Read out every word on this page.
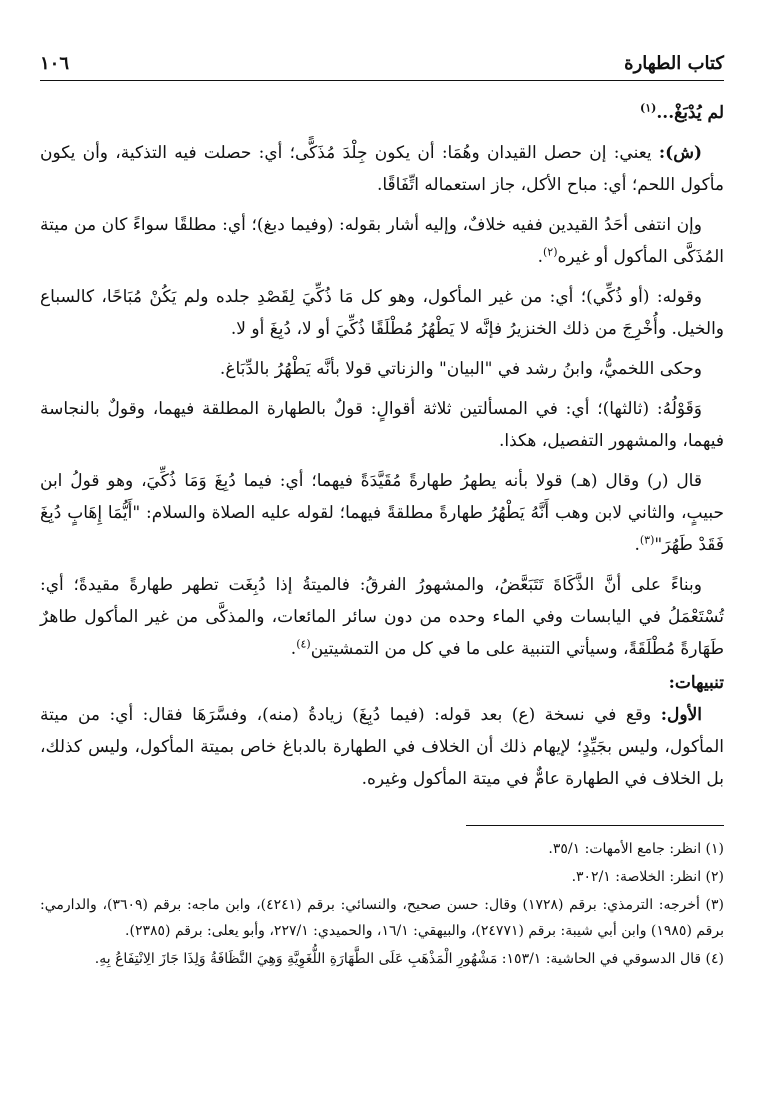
كتاب الطهارة
١٠٦

لم يُدْبَغْ...$^{(١)}$

(ش): يعني: إن حصل القيدان وهُمَا: أن يكون جِلْدَ مُذَكًّى؛ أي: حصلت فيه التذكية، وأن يكون مأكول اللحم؛ أي: مباح الأكل، جاز استعماله اتِّفَاقًا.

وإن انتفى أحَدُ القيدين ففيه خلافٌ، وإليه أشار بقوله: (وفيما دبغ)؛ أي: مطلقًا سواءً كان من ميتة المُذَكَّى المأكول أو غيره$^{(٢)}$.

وقوله: (أو ذُكِّي)؛ أي: من غير المأكول، وهو كل مَا ذُكِّيَ لِقَصْدِ جلده ولم يَكُنْ مُبَاحًا، كالسباع والخيل. وأُخْرِجَ من ذلك الخنزيرُ فإنَّه لا يَطْهُرُ مُطْلَقًا ذُكِّيَ أو لا، دُبِغَ أو لا.

وحكى اللخميُّ، وابنُ رشد في "البيان" والزناتي قولا بأنَّه يَطْهُرُ بالدِّبَاغ.

وَقَوْلُهُ: (ثالثها)؛ أي: في المسألتين ثلاثة أقوالٍ: قولٌ بالطهارة المطلقة فيهما، وقولٌ بالنجاسة فيهما، والمشهور التفصيل، هكذا.

قال (ر) وقال (هـ) قولا بأنه يطهرُ طهارةً مُقَيَّدَةً فيهما؛ أي: فيما دُبِغَ وَمَا ذُكِّيَ، وهو قولُ ابن حبيبٍ، والثاني لابن وهب أَنَّهُ يَطْهُرُ طهارةً مطلقةً فيهما؛ لقوله عليه الصلاة والسلام: "أَيُّمَا إِهَابٍ دُبِغَ فَقَدْ طَهُرَ"$^{(٣)}$.

وبناءً على أنَّ الذَّكَاةَ تَتَبَعَّضُ، والمشهورُ الفرقُ: فالميتةُ إذا دُبِغَت تطهر طهارةً مقيدةً؛ أي: تُسْتَعْمَلُ في اليابسات وفي الماء وحده من دون سائر المائعات، والمذكَّى من غير المأكول طاهرٌ طَهَارةً مُطْلَقَةً، وسيأتي التنبية على ما في كل من التمشيتين$^{(٤)}$.

تنبيهات:

الأول: وقع في نسخة (ع) بعد قوله: (فيما دُبِغَ) زيادةُ (منه)، وفسَّرَهَا فقال: أي: من ميتة المأكول، وليس بجَيِّدٍ؛ لإيهام ذلك أن الخلاف في الطهارة بالدباغ خاص بميتة المأكول، وليس كذلك، بل الخلاف في الطهارة عامٌّ في ميتة المأكول وغيره.

(١) انظر: جامع الأمهات: ٣٥/١.
(٢) انظر: الخلاصة: ٣٠٢/١.
(٣) أخرجه: الترمذي: برقم (١٧٢٨) وقال: حسن صحيح، والنسائي: برقم (٤٢٤١)، وابن ماجه: برقم (٣٦٠٩)، والدارمي: برقم (١٩٨٥) وابن أبي شيبة: برقم (٢٤٧٧١)، والبيهقي: ١٦/١، والحميدي: ٢٢٧/١، وأبو يعلى: برقم (٢٣٨٥).
(٤) قال الدسوقي في الحاشية: ١٥٣/١: مَشْهُورِ الْمَذْهَبِ عَلَى الطَّهَارَةِ اللُّغَوِيَّةِ وَهِيَ النَّظَافَةُ وَلِذَا جَازَ الِانْتِفَاعُ بِهِ.
